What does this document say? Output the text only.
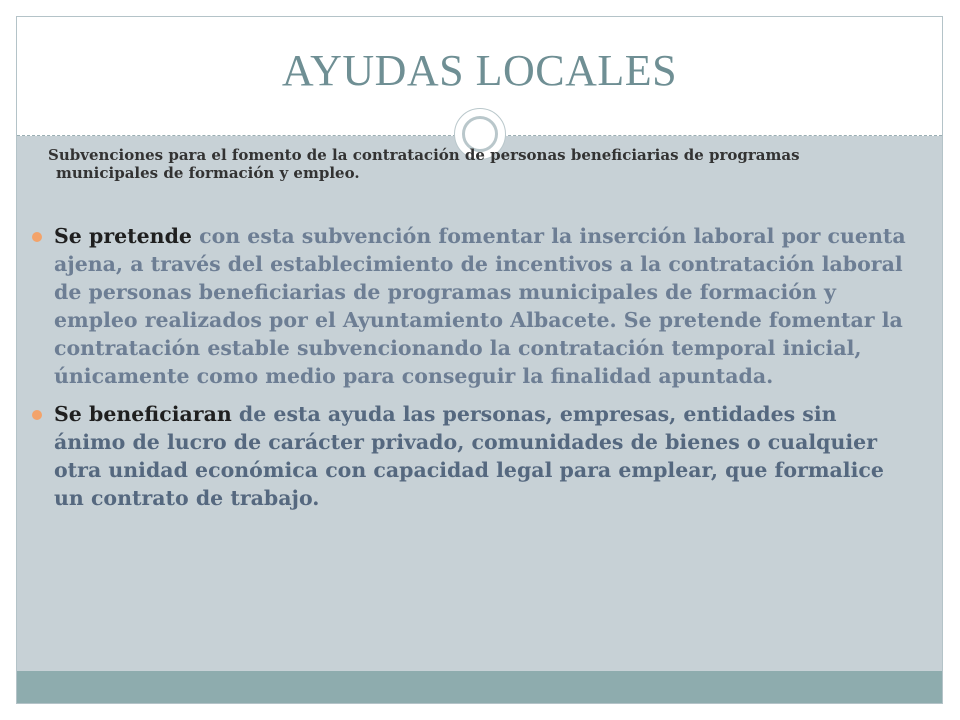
AYUDAS LOCALES
Subvenciones para el fomento de la contratación de personas beneficiarias de programas municipales de formación y empleo.
Se pretende con esta subvención fomentar la inserción laboral por cuenta ajena, a través del establecimiento de incentivos a la contratación laboral de personas beneficiarias de programas municipales de formación y empleo realizados por el Ayuntamiento Albacete. Se pretende fomentar la contratación estable subvencionando la contratación temporal inicial, únicamente como medio para conseguir la finalidad apuntada.
Se beneficiaran de esta ayuda las personas, empresas, entidades sin ánimo de lucro de carácter privado, comunidades de bienes o cualquier otra unidad económica con capacidad legal para emplear, que formalice un contrato de trabajo.
